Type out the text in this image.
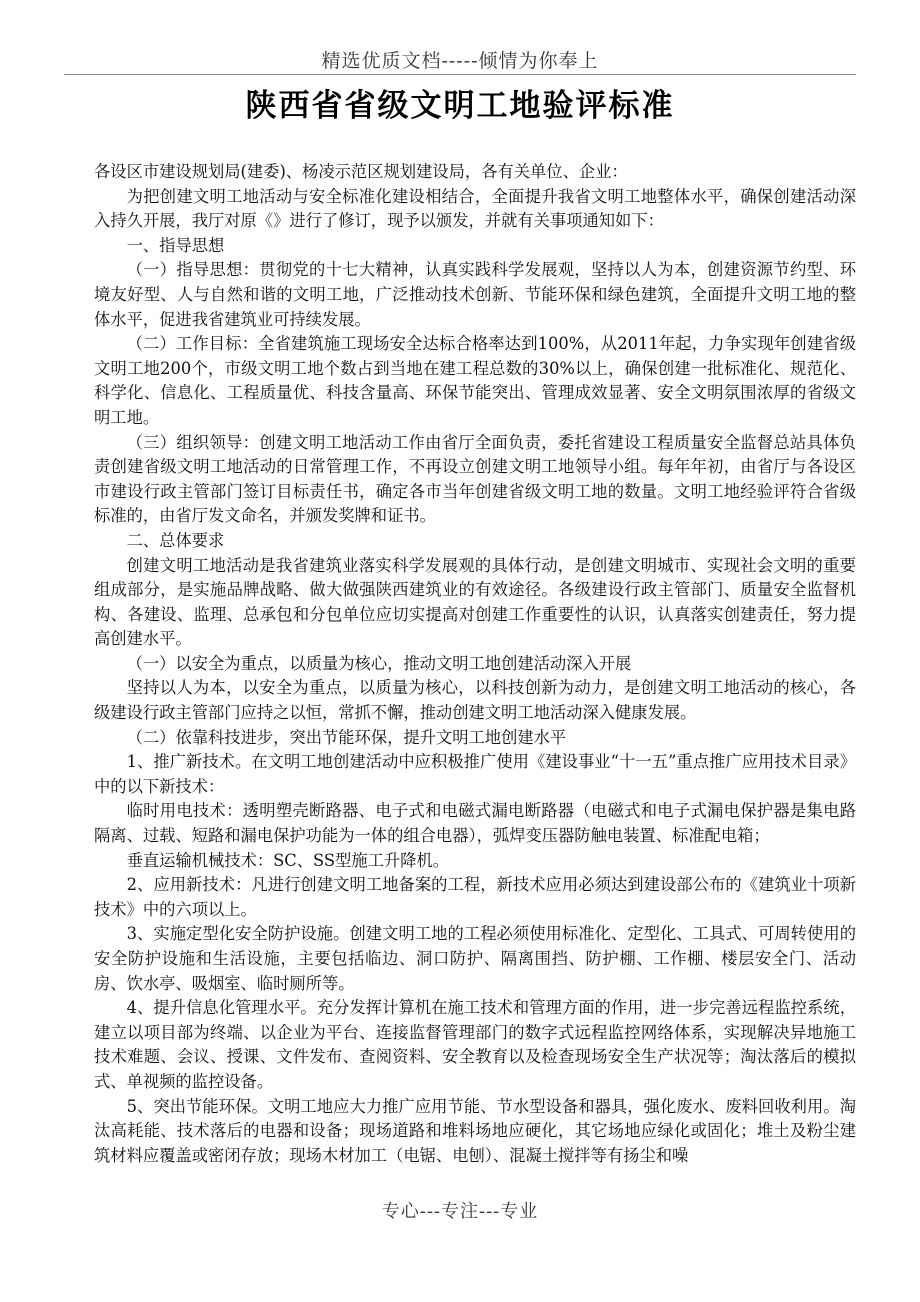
精选优质文档-----倾情为你奉上
陕西省省级文明工地验评标准

各设区市建设规划局(建委)、杨凌示范区规划建设局，各有关单位、企业：

为把创建文明工地活动与安全标准化建设相结合，全面提升我省文明工地整体水平，确保创建活动深入持久开展，我厅对原《》进行了修订，现予以颁发，并就有关事项通知如下：

一、指导思想

（一）指导思想：贯彻党的十七大精神，认真实践科学发展观，坚持以人为本，创建资源节约型、环境友好型、人与自然和谐的文明工地，广泛推动技术创新、节能环保和绿色建筑，全面提升文明工地的整体水平，促进我省建筑业可持续发展。

（二）工作目标：全省建筑施工现场安全达标合格率达到100%，从2011年起，力争实现年创建省级文明工地200个，市级文明工地个数占到当地在建工程总数的30%以上，确保创建一批标准化、规范化、科学化、信息化、工程质量优、科技含量高、环保节能突出、管理成效显著、安全文明氛围浓厚的省级文明工地。

（三）组织领导：创建文明工地活动工作由省厅全面负责，委托省建设工程质量安全监督总站具体负责创建省级文明工地活动的日常管理工作，不再设立创建文明工地领导小组。每年年初，由省厅与各设区市建设行政主管部门签订目标责任书，确定各市当年创建省级文明工地的数量。文明工地经验评符合省级标准的，由省厅发文命名，并颁发奖牌和证书。

二、总体要求

创建文明工地活动是我省建筑业落实科学发展观的具体行动，是创建文明城市、实现社会文明的重要组成部分，是实施品牌战略、做大做强陕西建筑业的有效途径。各级建设行政主管部门、质量安全监督机构、各建设、监理、总承包和分包单位应切实提高对创建工作重要性的认识，认真落实创建责任，努力提高创建水平。

（一）以安全为重点，以质量为核心，推动文明工地创建活动深入开展

坚持以人为本，以安全为重点，以质量为核心，以科技创新为动力，是创建文明工地活动的核心，各级建设行政主管部门应持之以恒，常抓不懈，推动创建文明工地活动深入健康发展。

（二）依靠科技进步，突出节能环保，提升文明工地创建水平

1、推广新技术。在文明工地创建活动中应积极推广使用《建设事业“十一五”重点推广应用技术目录》中的以下新技术：

临时用电技术：透明塑壳断路器、电子式和电磁式漏电断路器（电磁式和电子式漏电保护器是集电路隔离、过载、短路和漏电保护功能为一体的组合电器），弧焊变压器防触电装置、标准配电箱；

垂直运输机械技术：SC、SS型施工升降机。

2、应用新技术：凡进行创建文明工地备案的工程，新技术应用必须达到建设部公布的《建筑业十项新技术》中的六项以上。

3、实施定型化安全防护设施。创建文明工地的工程必须使用标准化、定型化、工具式、可周转使用的安全防护设施和生活设施，主要包括临边、洞口防护、隔离围挡、防护棚、工作棚、楼层安全门、活动房、饮水亭、吸烟室、临时厕所等。

4、提升信息化管理水平。充分发挥计算机在施工技术和管理方面的作用，进一步完善远程监控系统，建立以项目部为终端、以企业为平台、连接监督管理部门的数字式远程监控网络体系，实现解决异地施工技术难题、会议、授课、文件发布、查阅资料、安全教育以及检查现场安全生产状况等；淘汰落后的模拟式、单视频的监控设备。

5、突出节能环保。文明工地应大力推广应用节能、节水型设备和器具，强化废水、废料回收利用。淘汰高耗能、技术落后的电器和设备；现场道路和堆料场地应硬化，其它场地应绿化或固化；堆土及粉尘建筑材料应覆盖或密闭存放；现场木材加工（电锯、电刨）、混凝土搅拌等有扬尘和噪

专心---专注---专业
